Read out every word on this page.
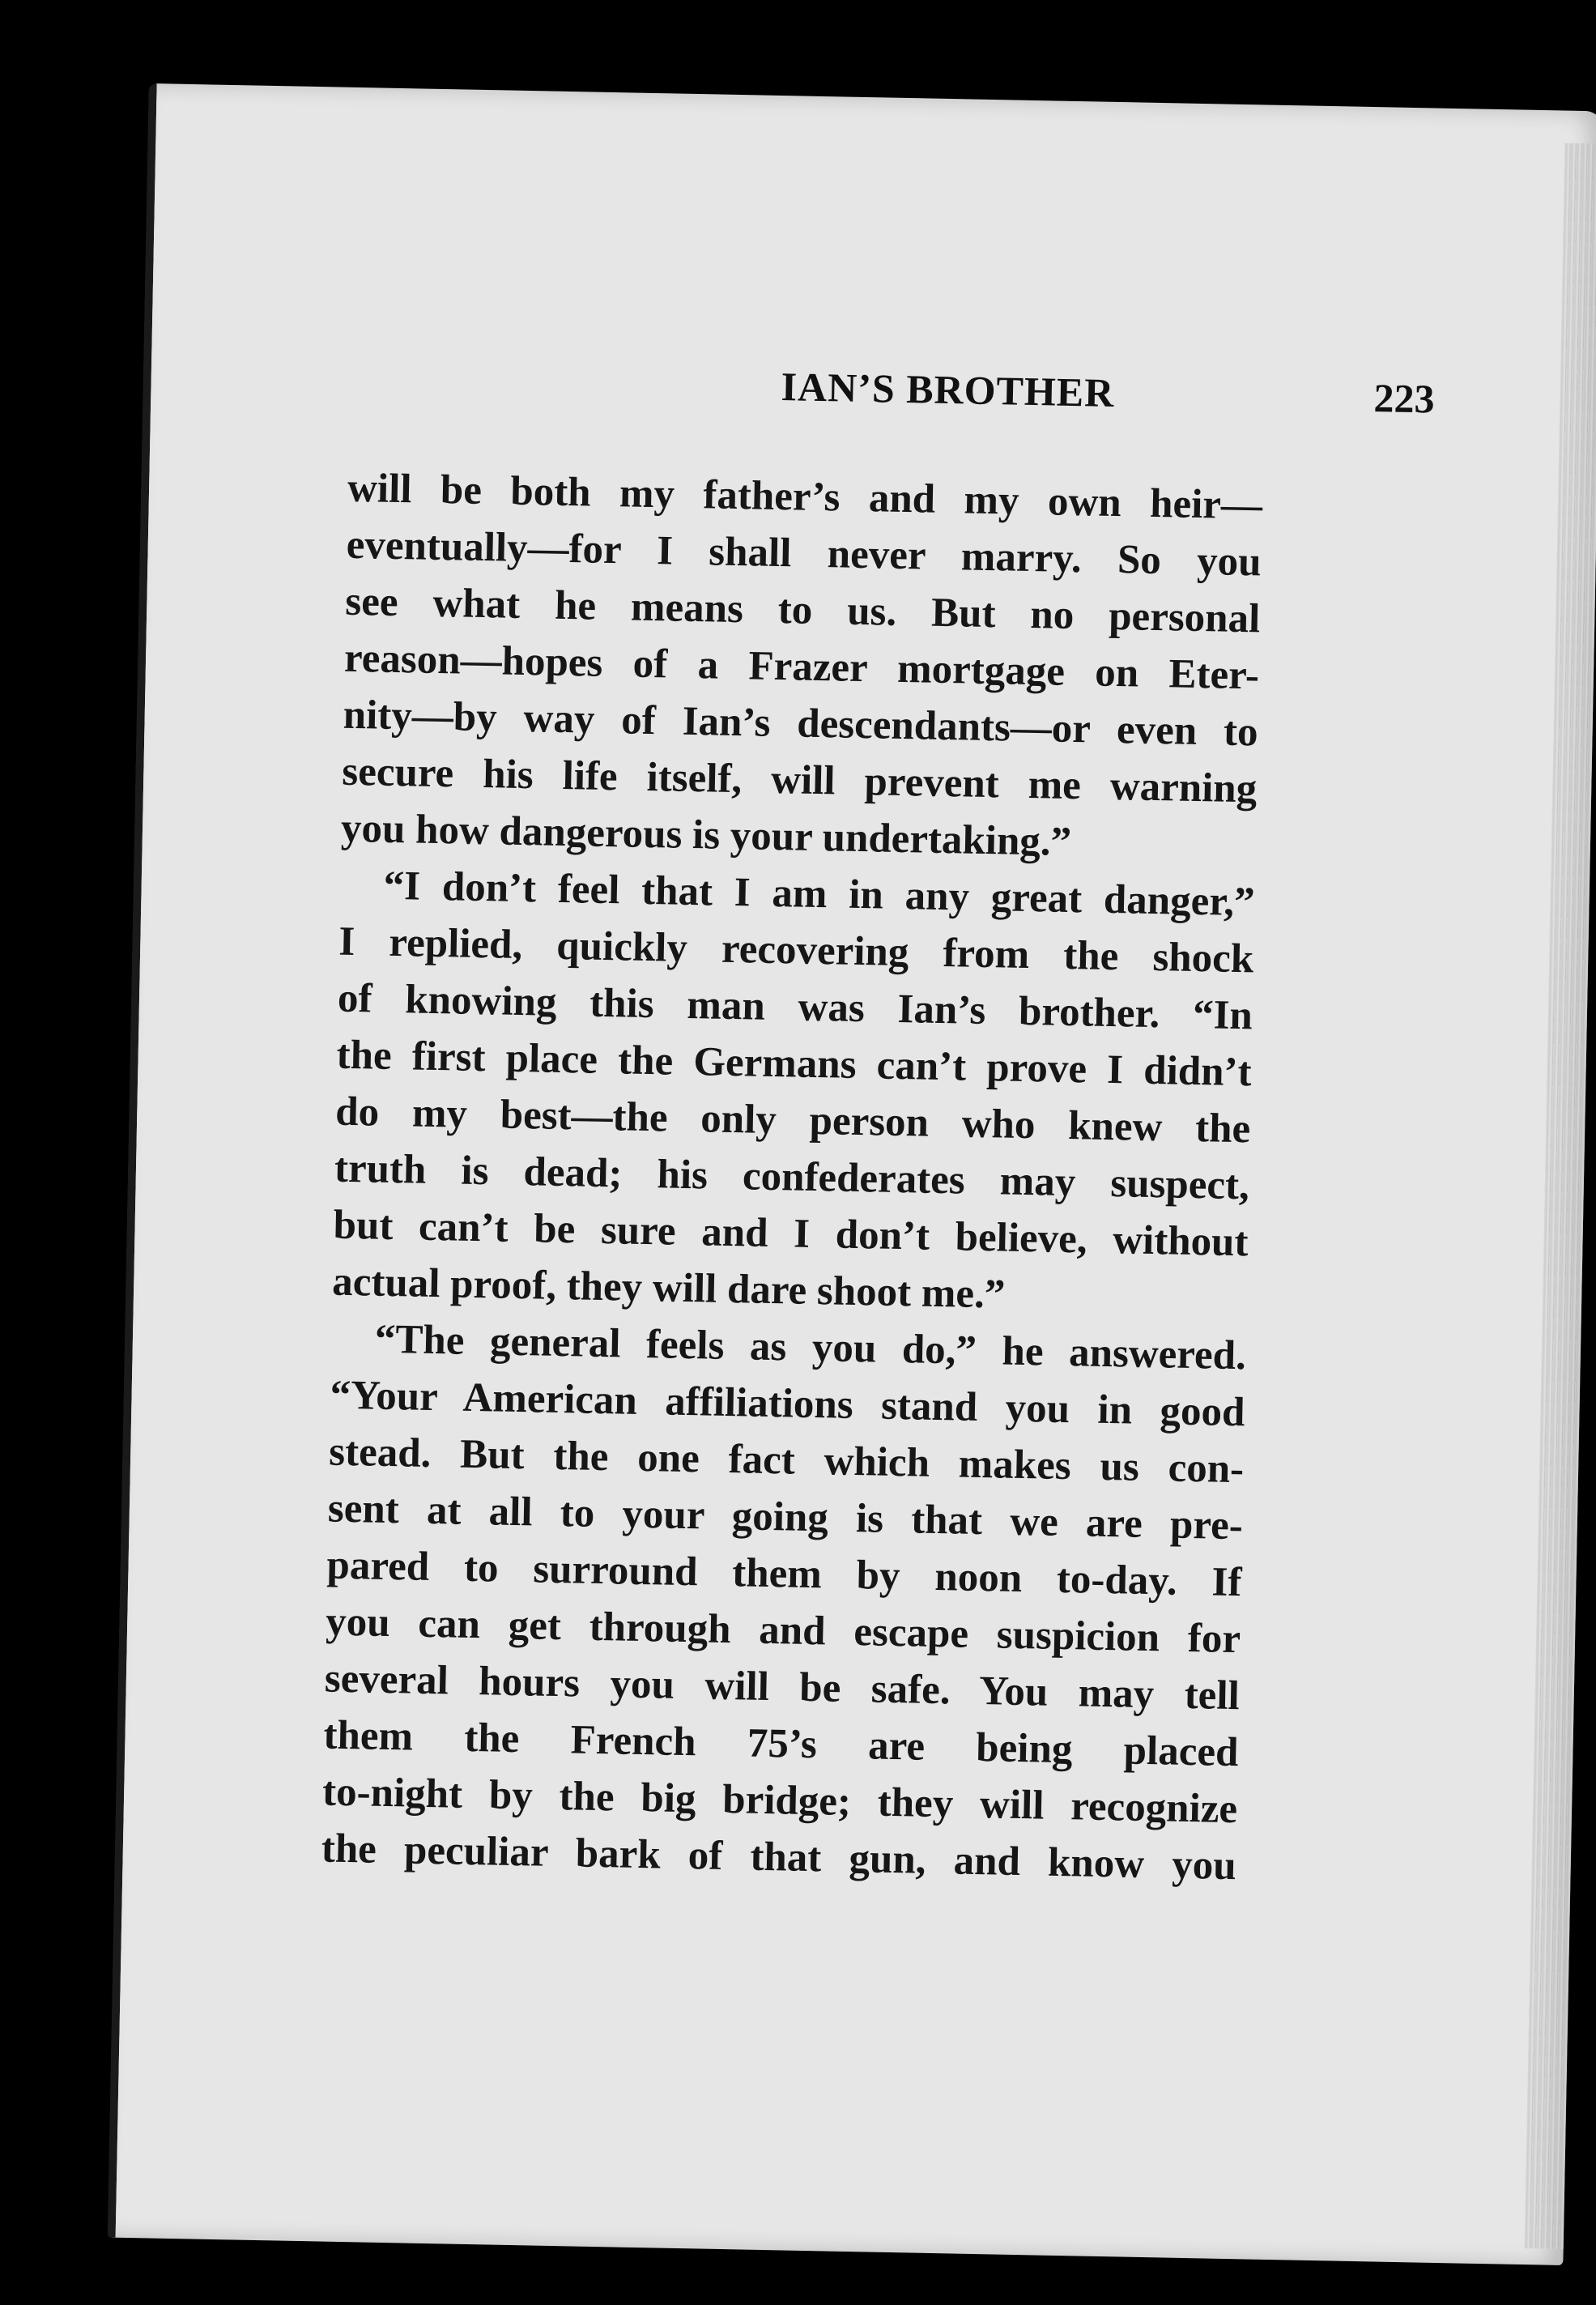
IAN’S BROTHER	223
will be both my father’s and my own heir—
eventually—for I shall never marry. So you
see what he means to us. But no personal
reason—hopes of a Frazer mortgage on Eter-
nity—by way of Ian’s descendants—or even to
secure his life itself, will prevent me warning
you how dangerous is your undertaking.”
“I don’t feel that I am in any great danger,”
I replied, quickly recovering from the shock
of knowing this man was Ian’s brother. “In
the first place the Germans can’t prove I didn’t
do my best—the only person who knew the
truth is dead; his confederates may suspect,
but can’t be sure and I don’t believe, without
actual proof, they will dare shoot me.”
“The general feels as you do,” he answered.
“Your American affiliations stand you in good
stead. But the one fact which makes us con-
sent at all to your going is that we are pre-
pared to surround them by noon to-day. If
you can get through and escape suspicion for
several hours you will be safe. You may tell
them the French 75’s are being placed
to-night by the big bridge; they will recognize
the peculiar bark of that gun, and know you
